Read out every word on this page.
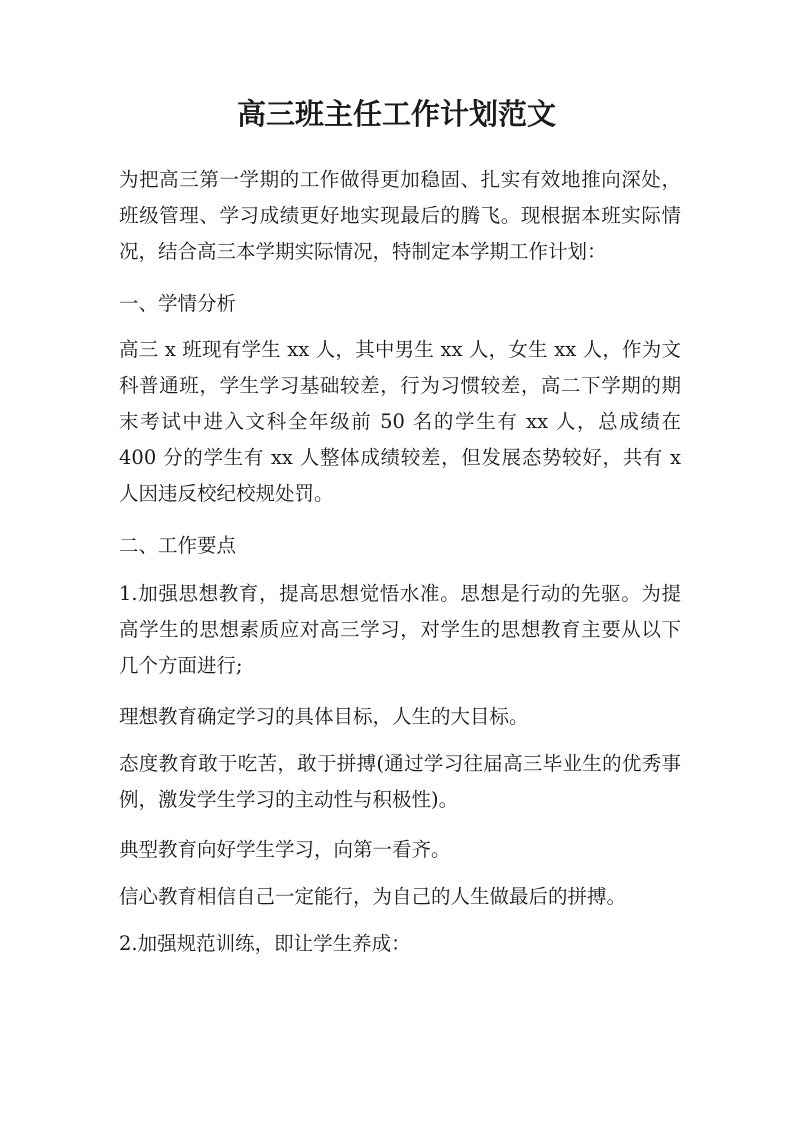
高三班主任工作计划范文
为把高三第一学期的工作做得更加稳固、扎实有效地推向深处，班级管理、学习成绩更好地实现最后的腾飞。现根据本班实际情况，结合高三本学期实际情况，特制定本学期工作计划：
一、学情分析
高三 x 班现有学生 xx 人，其中男生 xx 人，女生 xx 人，作为文科普通班，学生学习基础较差，行为习惯较差，高二下学期的期末考试中进入文科全年级前 50 名的学生有 xx 人，总成绩在 400 分的学生有 xx 人整体成绩较差，但发展态势较好，共有 x 人因违反校纪校规处罚。
二、工作要点
1.加强思想教育，提高思想觉悟水准。思想是行动的先驱。为提高学生的思想素质应对高三学习，对学生的思想教育主要从以下几个方面进行;
理想教育确定学习的具体目标，人生的大目标。
态度教育敢于吃苦，敢于拼搏(通过学习往届高三毕业生的优秀事例，激发学生学习的主动性与积极性)。
典型教育向好学生学习，向第一看齐。
信心教育相信自己一定能行，为自己的人生做最后的拼搏。
2.加强规范训练，即让学生养成：
